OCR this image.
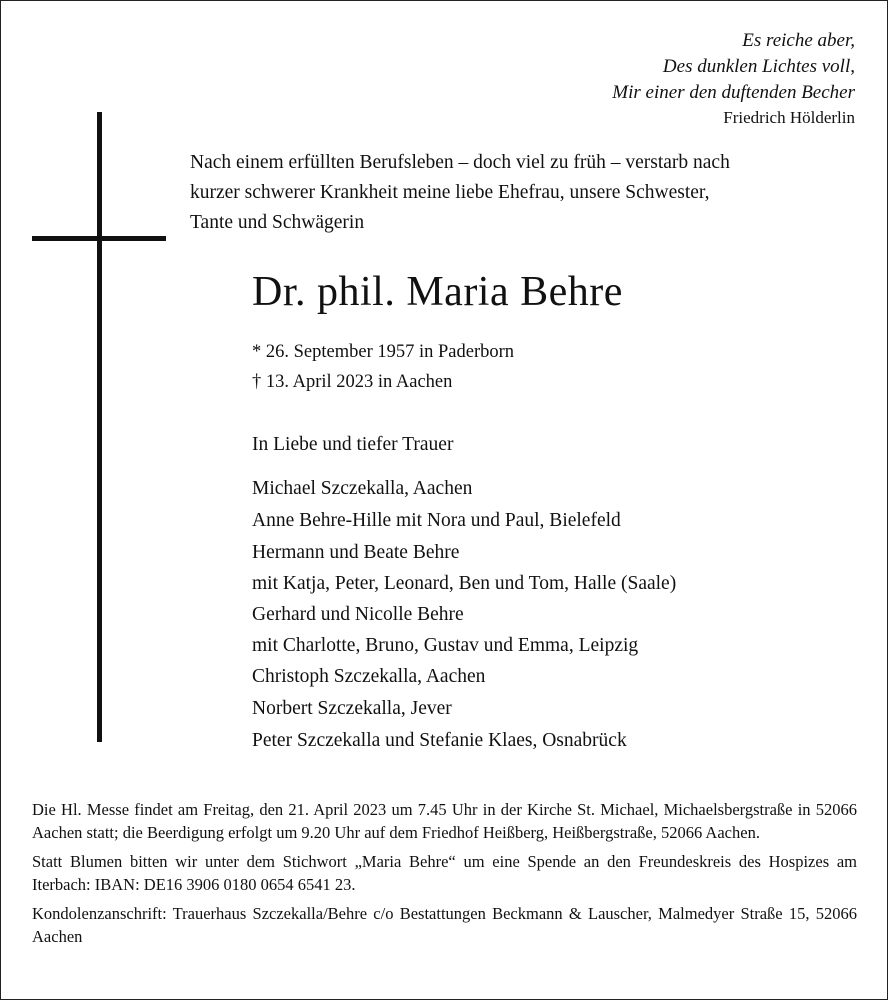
Es reiche aber,
Des dunklen Lichtes voll,
Mir einer den duftenden Becher
Friedrich Hölderlin
Nach einem erfüllten Berufsleben – doch viel zu früh – verstarb nach
kurzer schwerer Krankheit meine liebe Ehefrau, unsere Schwester,
Tante und Schwägerin
Dr. phil. Maria Behre
* 26. September 1957 in Paderborn
† 13. April 2023 in Aachen
In Liebe und tiefer Trauer
Michael Szczekalla, Aachen
Anne Behre-Hille mit Nora und Paul, Bielefeld
Hermann und Beate Behre
mit Katja, Peter, Leonard, Ben und Tom, Halle (Saale)
Gerhard und Nicolle Behre
mit Charlotte, Bruno, Gustav und Emma, Leipzig
Christoph Szczekalla, Aachen
Norbert Szczekalla, Jever
Peter Szczekalla und Stefanie Klaes, Osnabrück

Die Hl. Messe findet am Freitag, den 21. April 2023 um 7.45 Uhr in der Kirche St. Michael, Michaelsbergstraße in 52066 Aachen statt; die Beerdigung erfolgt um 9.20 Uhr auf dem Friedhof Heißberg, Heißbergstraße, 52066 Aachen.

Statt Blumen bitten wir unter dem Stichwort „Maria Behre“ um eine Spende an den Freundeskreis des Hospizes am Iterbach: IBAN: DE16 3906 0180 0654 6541 23.

Kondolenzanschrift: Trauerhaus Szczekalla/Behre c/o Bestattungen Beckmann & Lauscher, Malmedyer Straße 15, 52066 Aachen
